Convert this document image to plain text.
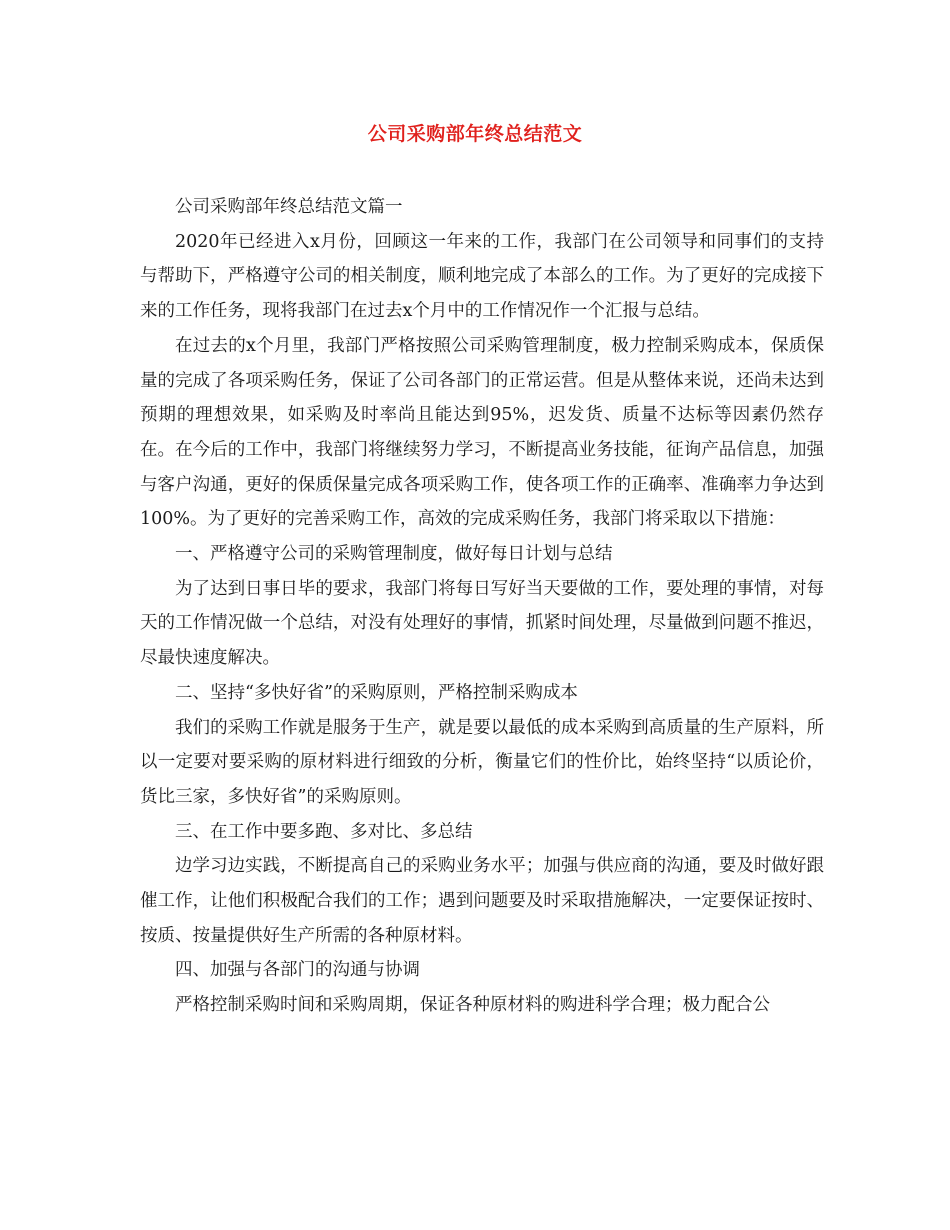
公司采购部年终总结范文

公司采购部年终总结范文篇一

2020年已经进入x月份，回顾这一年来的工作，我部门在公司领导和同事们的支持与帮助下，严格遵守公司的相关制度，顺利地完成了本部么的工作。为了更好的完成接下来的工作任务，现将我部门在过去x个月中的工作情况作一个汇报与总结。

在过去的x个月里，我部门严格按照公司采购管理制度，极力控制采购成本，保质保量的完成了各项采购任务，保证了公司各部门的正常运营。但是从整体来说，还尚未达到预期的理想效果，如采购及时率尚且能达到95%，迟发货、质量不达标等因素仍然存在。在今后的工作中，我部门将继续努力学习，不断提高业务技能，征询产品信息，加强与客户沟通，更好的保质保量完成各项采购工作，使各项工作的正确率、准确率力争达到100%。为了更好的完善采购工作，高效的完成采购任务，我部门将采取以下措施：

一、严格遵守公司的采购管理制度，做好每日计划与总结

为了达到日事日毕的要求，我部门将每日写好当天要做的工作，要处理的事情，对每天的工作情况做一个总结，对没有处理好的事情，抓紧时间处理，尽量做到问题不推迟，尽最快速度解决。

二、坚持“多快好省”的采购原则，严格控制采购成本

我们的采购工作就是服务于生产，就是要以最低的成本采购到高质量的生产原料，所以一定要对要采购的原材料进行细致的分析，衡量它们的性价比，始终坚持“以质论价，货比三家，多快好省”的采购原则。

三、在工作中要多跑、多对比、多总结

边学习边实践，不断提高自己的采购业务水平；加强与供应商的沟通，要及时做好跟催工作，让他们积极配合我们的工作；遇到问题要及时采取措施解决，一定要保证按时、按质、按量提供好生产所需的各种原材料。

四、加强与各部门的沟通与协调

严格控制采购时间和采购周期，保证各种原材料的购进科学合理；极力配合公
